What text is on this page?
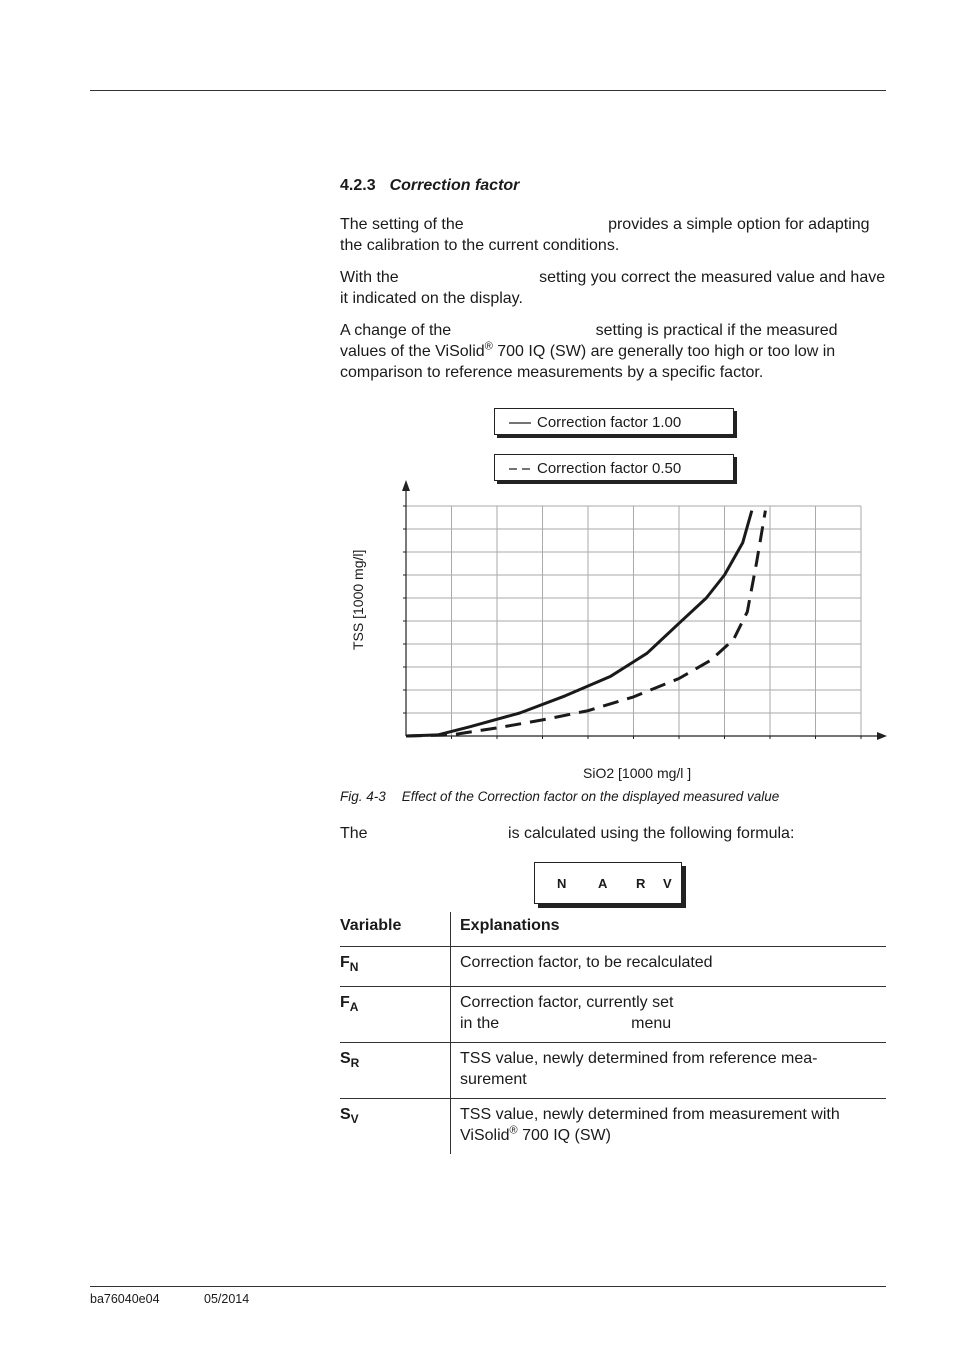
4.2.3 Correction factor
The setting of the	provides a simple option for adapting the calibration to the current conditions.
With the	setting you correct the measured value and have it indicated on the display.
A change of the	setting is practical if the measured values of the ViSolid® 700 IQ (SW) are generally too high or too low in comparison to reference measurements by a specific factor.
Correction factor 1.00
Correction factor 0.50
TSS [1000 mg/l]
SiO2 [1000 mg/l ]
Fig. 4-3 Effect of the Correction factor on the displayed measured value
The	is calculated using the following formula:
N A R V
Variable	Explanations
$F_N$	Correction factor, to be recalculated
$F_A$	Correction factor, currently set
in the menu
$S_R$	TSS value, newly determined from reference mea-
surement
$S_V$	TSS value, newly determined from measurement with
ViSolid® 700 IQ (SW)
ba76040e04	05/2014
